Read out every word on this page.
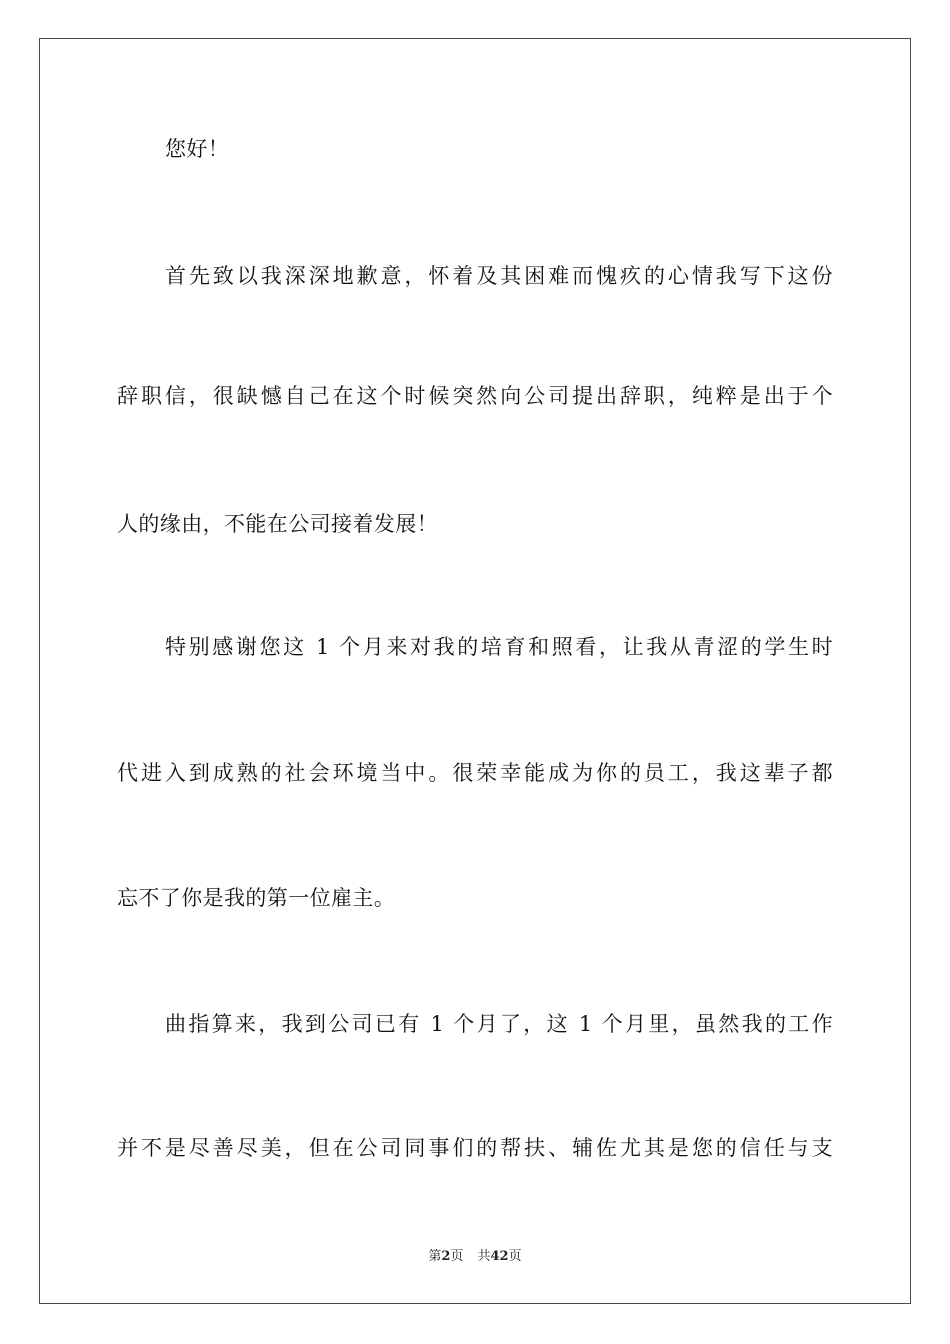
您好！
首先致以我深深地歉意，怀着及其困难而愧疚的心情我写下这份
辞职信，很缺憾自己在这个时候突然向公司提出辞职，纯粹是出于个
人的缘由，不能在公司接着发展！
特别感谢您这 1 个月来对我的培育和照看，让我从青涩的学生时
代进入到成熟的社会环境当中。很荣幸能成为你的员工，我这辈子都
忘不了你是我的第一位雇主。
曲指算来，我到公司已有 1 个月了，这 1 个月里，虽然我的工作
并不是尽善尽美，但在公司同事们的帮扶、辅佐尤其是您的信任与支
第2页 共42页
